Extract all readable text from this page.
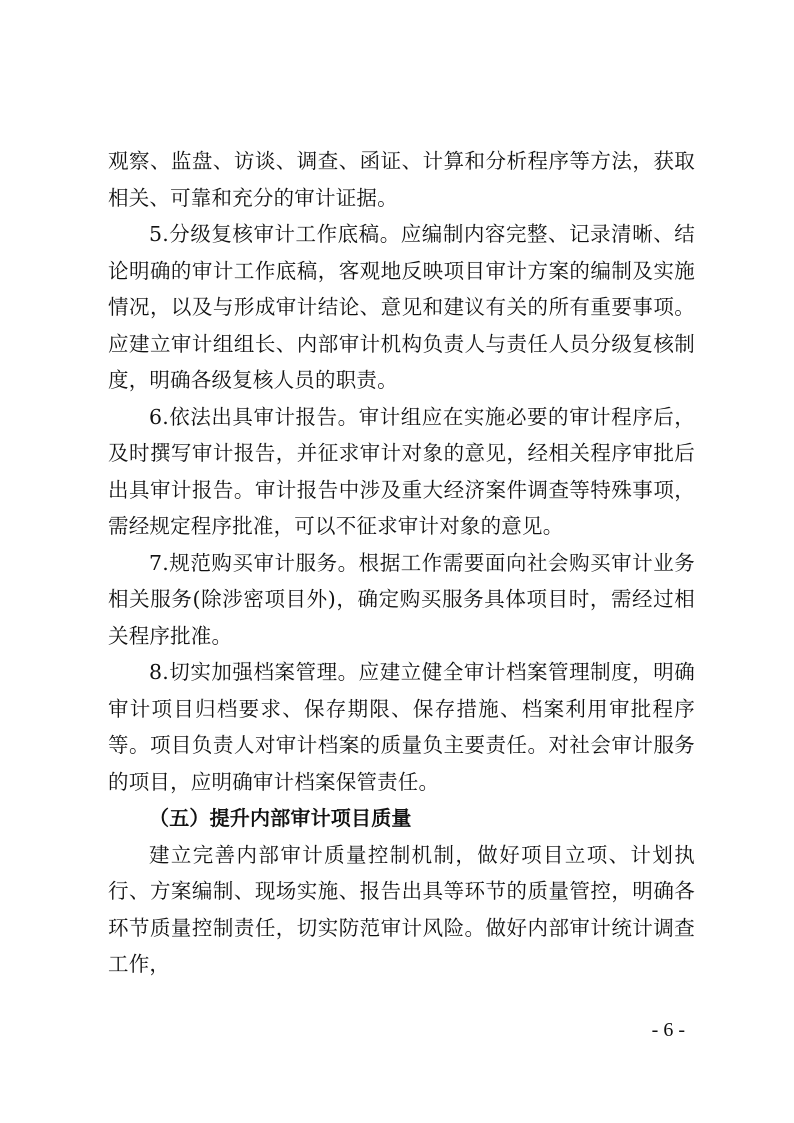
观察、监盘、访谈、调查、函证、计算和分析程序等方法，获取相关、可靠和充分的审计证据。

5.分级复核审计工作底稿。应编制内容完整、记录清晰、结论明确的审计工作底稿，客观地反映项目审计方案的编制及实施情况，以及与形成审计结论、意见和建议有关的所有重要事项。应建立审计组组长、内部审计机构负责人与责任人员分级复核制度，明确各级复核人员的职责。

6.依法出具审计报告。审计组应在实施必要的审计程序后，及时撰写审计报告，并征求审计对象的意见，经相关程序审批后出具审计报告。审计报告中涉及重大经济案件调查等特殊事项，需经规定程序批准，可以不征求审计对象的意见。

7.规范购买审计服务。根据工作需要面向社会购买审计业务相关服务(除涉密项目外)，确定购买服务具体项目时，需经过相关程序批准。

8.切实加强档案管理。应建立健全审计档案管理制度，明确审计项目归档要求、保存期限、保存措施、档案利用审批程序等。项目负责人对审计档案的质量负主要责任。对社会审计服务的项目，应明确审计档案保管责任。

（五）提升内部审计项目质量

建立完善内部审计质量控制机制，做好项目立项、计划执行、方案编制、现场实施、报告出具等环节的质量管控，明确各环节质量控制责任，切实防范审计风险。做好内部审计统计调查工作，

- 6 -
